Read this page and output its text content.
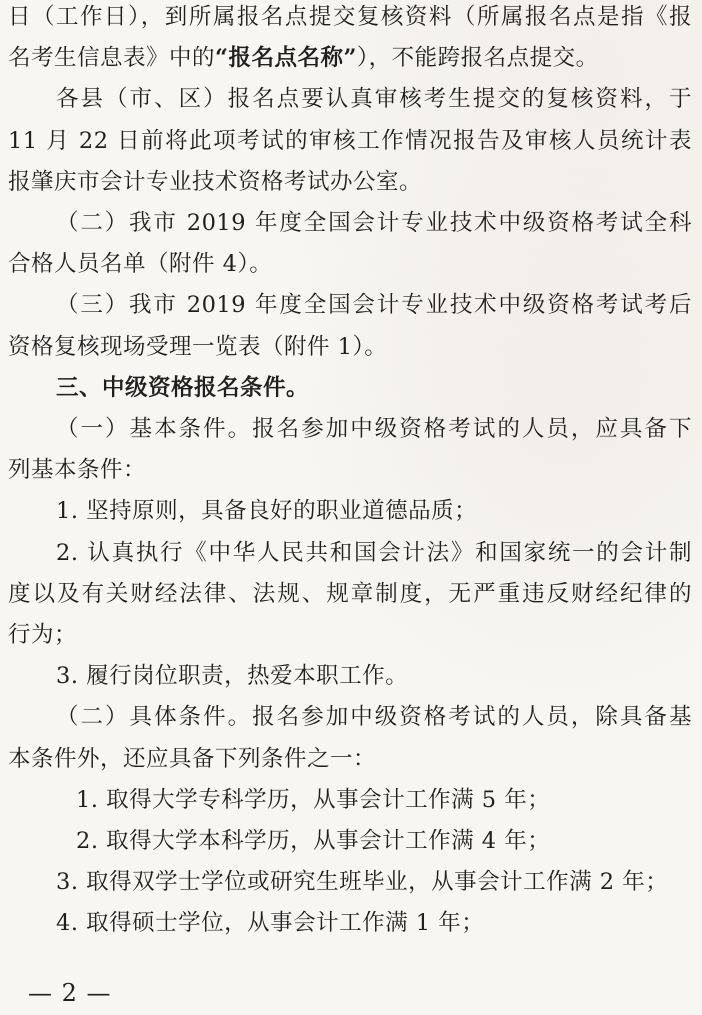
日（工作日），到所属报名点提交复核资料（所属报名点是指《报

名考生信息表》中的“报名点名称”），不能跨报名点提交。

各县（市、区）报名点要认真审核考生提交的复核资料，于

11 月 22 日前将此项考试的审核工作情况报告及审核人员统计表

报肇庆市会计专业技术资格考试办公室。

（二）我市 2019 年度全国会计专业技术中级资格考试全科

合格人员名单（附件 4）。

（三）我市 2019 年度全国会计专业技术中级资格考试考后

资格复核现场受理一览表（附件 1）。

三、中级资格报名条件。

（一）基本条件。报名参加中级资格考试的人员，应具备下

列基本条件：

1. 坚持原则，具备良好的职业道德品质；

2. 认真执行《中华人民共和国会计法》和国家统一的会计制

度以及有关财经法律、法规、规章制度，无严重违反财经纪律的

行为；

3. 履行岗位职责，热爱本职工作。

（二）具体条件。报名参加中级资格考试的人员，除具备基

本条件外，还应具备下列条件之一：

1. 取得大学专科学历，从事会计工作满 5 年；

2. 取得大学本科学历，从事会计工作满 4 年；

3. 取得双学士学位或研究生班毕业，从事会计工作满 2 年；

4. 取得硕士学位，从事会计工作满 1 年；

— 2 —
